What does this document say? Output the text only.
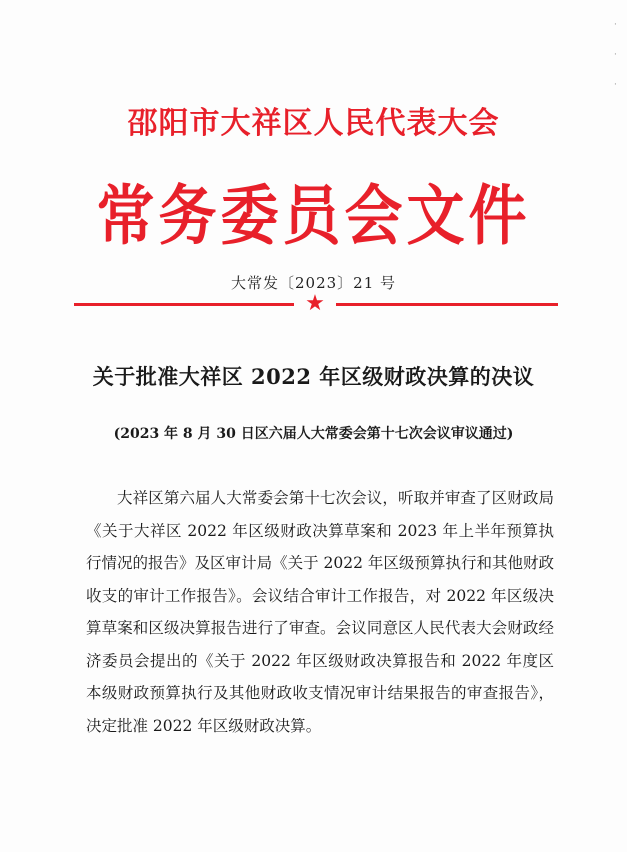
邵阳市大祥区人民代表大会
常务委员会文件
大常发〔2023〕21 号
★
关于批准大祥区 2022 年区级财政决算的决议
(2023 年 8 月 30 日区六届人大常委会第十七次会议审议通过)

大祥区第六届人大常委会第十七次会议，听取并审查了区财政局《关于大祥区 2022 年区级财政决算草案和 2023 年上半年预算执行情况的报告》及区审计局《关于 2022 年区级预算执行和其他财政收支的审计工作报告》。会议结合审计工作报告，对 2022 年区级决算草案和区级决算报告进行了审查。会议同意区人民代表大会财政经济委员会提出的《关于 2022 年区级财政决算报告和 2022 年度区本级财政预算执行及其他财政收支情况审计结果报告的审查报告》，决定批准 2022 年区级财政决算。

·
·
·
